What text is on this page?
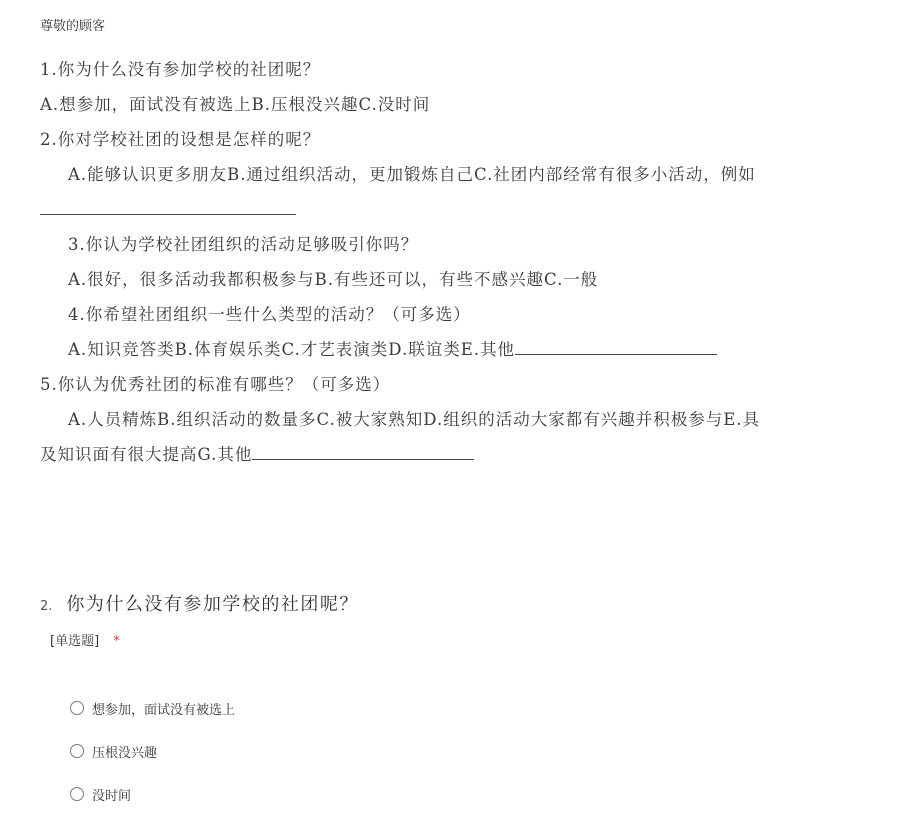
尊敬的顾客
1.你为什么没有参加学校的社团呢？
A.想参加，面试没有被选上B.压根没兴趣C.没时间
2.你对学校社团的设想是怎样的呢？
A.能够认识更多朋友B.通过组织活动，更加锻炼自己C.社团内部经常有很多小活动，例如
3.你认为学校社团组织的活动足够吸引你吗？
A.很好，很多活动我都积极参与B.有些还可以，有些不感兴趣C.一般
4.你希望社团组织一些什么类型的活动？（可多选）
A.知识竞答类B.体育娱乐类C.才艺表演类D.联谊类E.其他
5.你认为优秀社团的标准有哪些？（可多选）
A.人员精炼B.组织活动的数量多C.被大家熟知D.组织的活动大家都有兴趣并积极参与E.具
及知识面有很大提高G.其他
2. 你为什么没有参加学校的社团呢？
[单选题] *
想参加，面试没有被选上
压根没兴趣
没时间
